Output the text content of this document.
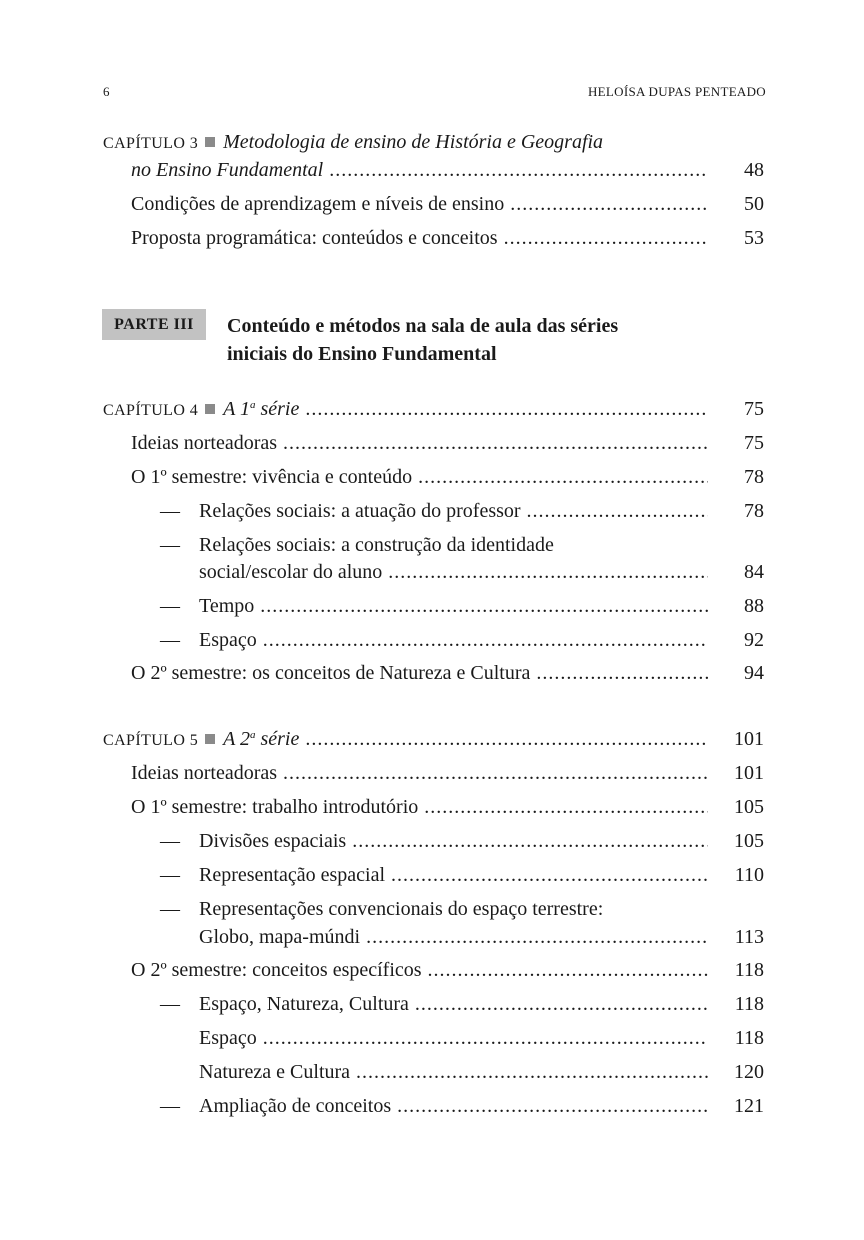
6	HELOÍSA DUPAS PENTEADO
CAPÍTULO 3 Metodologia de ensino de História e Geografia
no Ensino Fundamental .....	48
Condições de aprendizagem e níveis de ensino .....	50
Proposta programática: conteúdos e conceitos .....	53
PARTE III	Conteúdo e métodos na sala de aula das séries
iniciais do Ensino Fundamental
CAPÍTULO 4 A 1$^a$ série .....	75
Ideias norteadoras .....	75
O 1º semestre: vivência e conteúdo .....	78
— Relações sociais: a atuação do professor .....	78
— Relações sociais: a construção da identidade
social/escolar do aluno .....	84
— Tempo .....	88
— Espaço .....	92
O 2º semestre: os conceitos de Natureza e Cultura .....	94
CAPÍTULO 5 A 2$^a$ série .....	101
Ideias norteadoras .....	101
O 1º semestre: trabalho introdutório .....	105
— Divisões espaciais .....	105
— Representação espacial .....	110
— Representações convencionais do espaço terrestre:
Globo, mapa-múndi .....	113
O 2º semestre: conceitos específicos .....	118
— Espaço, Natureza, Cultura .....	118
Espaço .....	118
Natureza e Cultura .....	120
— Ampliação de conceitos .....	121
